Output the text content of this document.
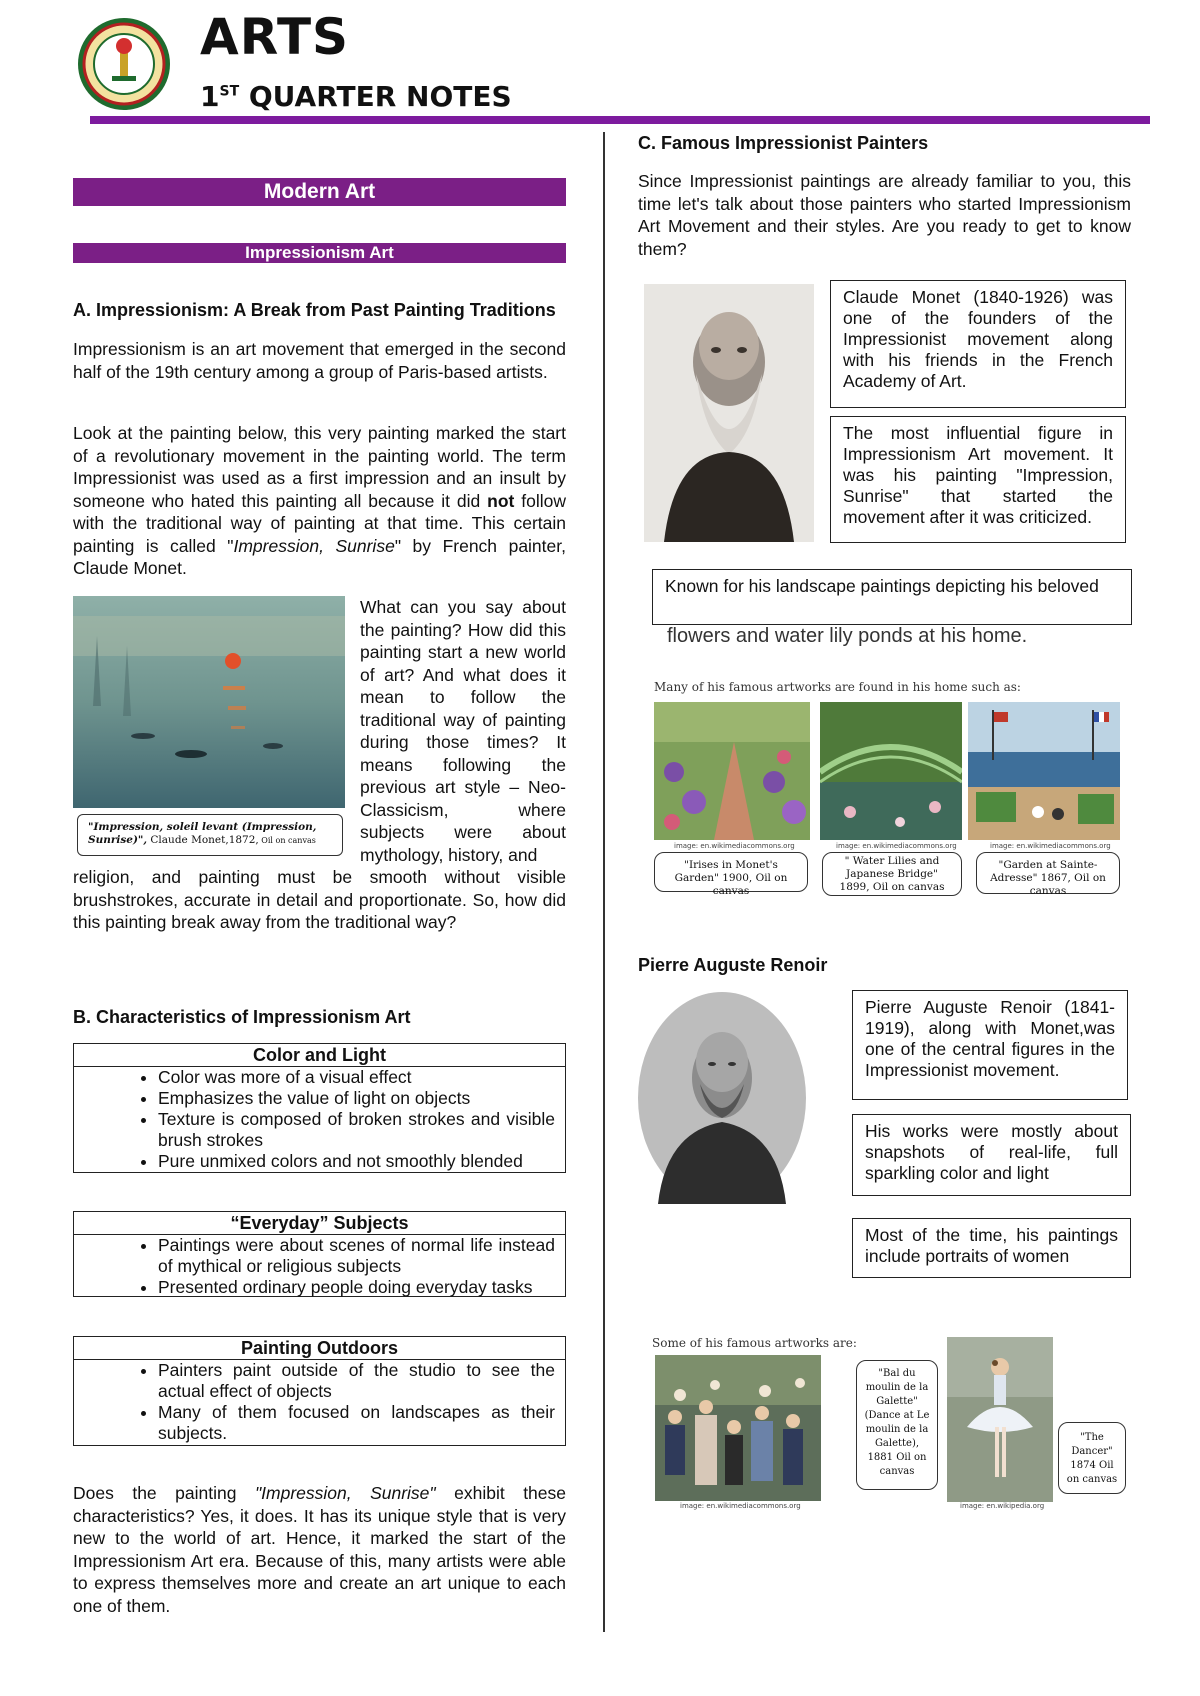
ARTS
1ST QUARTER NOTES
Modern Art
Impressionism Art
A. Impressionism: A Break from Past Painting Traditions
Impressionism is an art movement that emerged in the second half of the 19th century among a group of Paris-based artists.
Look at the painting below, this very painting marked the start of a revolutionary movement in the painting world. The term Impressionist was used as a first impression and an insult by someone who hated this painting all because it did not follow with the traditional way of painting at that time. This certain painting is called "Impression, Sunrise" by French painter, Claude Monet.
"Impression, soleil levant (Impression, Sunrise)", Claude Monet,1872, Oil on canvas
What can you say about the painting? How did this painting start a new world of art? And what does it mean to follow the traditional way of painting during those times? It means following the previous art style – Neo-Classicism, where subjects were about mythology, history, and
religion, and painting must be smooth without visible brushstrokes, accurate in detail and proportionate. So, how did this painting break away from the traditional way?
B. Characteristics of Impressionism Art
Color and Light
• Color was more of a visual effect
• Emphasizes the value of light on objects
• Texture is composed of broken strokes and visible brush strokes
• Pure unmixed colors and not smoothly blended
“Everyday” Subjects
• Paintings were about scenes of normal life instead of mythical or religious subjects
• Presented ordinary people doing everyday tasks
Painting Outdoors
• Painters paint outside of the studio to see the actual effect of objects
• Many of them focused on landscapes as their subjects.
Does the painting "Impression, Sunrise" exhibit these characteristics? Yes, it does. It has its unique style that is very new to the world of art. Hence, it marked the start of the Impressionism Art era. Because of this, many artists were able to express themselves more and create an art unique to each one of them.
C. Famous Impressionist Painters
Since Impressionist paintings are already familiar to you, this time let's talk about those painters who started Impressionism Art Movement and their styles. Are you ready to get to know them?
Claude Monet (1840-1926) was one of the founders of the Impressionist movement along with his friends in the French Academy of Art.
The most influential figure in Impressionism Art movement. It was his painting "Impression, Sunrise" that started the movement after it was criticized.
Known for his landscape paintings depicting his beloved
flowers and water lily ponds at his home.
Many of his famous artworks are found in his home such as:
image: en.wikimediacommons.org	image: en.wikimediacommons.org	image: en.wikimediacommons.org
"Irises in Monet's Garden" 1900, Oil on canvas
" Water Lilies and Japanese Bridge" 1899, Oil on canvas
"Garden at Sainte-Adresse" 1867, Oil on canvas
Pierre Auguste Renoir
Pierre Auguste Renoir (1841-1919), along with Monet,was one of the central figures in the Impressionist movement.
His works were mostly about snapshots of real-life, full sparkling color and light
Most of the time, his paintings include portraits of women
Some of his famous artworks are:
image: en.wikimediacommons.org
"Bal du moulin de la Galette" (Dance at Le moulin de la Galette), 1881 Oil on canvas
image: en.wikipedia.org
"The Dancer" 1874 Oil on canvas
